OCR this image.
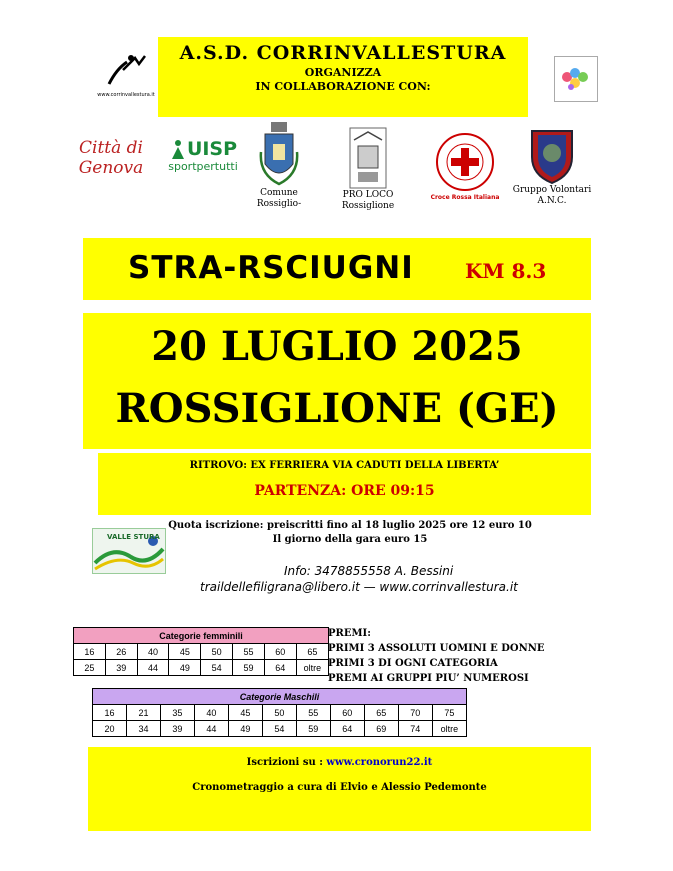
A.S.D. CORRINVALLESTURA
ORGANIZZA
IN COLLABORAZIONE CON:
www.corrinvallestura.it
Città di Genova
UISP
sportpertutti
Comune Rossiglio-
PRO LOCO Rossiglione
Croce Rossa Italiana
Gruppo Volontari A.N.C.
STRA-RSCIUGNI	KM 8.3
20 LUGLIO 2025
ROSSIGLIONE (GE)
RITROVO: EX FERRIERA VIA CADUTI DELLA LIBERTA’
PARTENZA: ORE 09:15
VALLE STURA
Quota iscrizione: preiscritti fino al 18 luglio 2025 ore 12 euro 10
Il giorno della gara euro 15
Info: 3478855558 A. Bessini
traildellefiligrana@libero.it — www.corrinvallestura.it
Categorie femminili							
16	26	40	45	50	55	60	65
25	39	44	49	54	59	64	oltre
PREMI:
PRIMI 3 ASSOLUTI UOMINI E DONNE
PRIMI 3 DI OGNI CATEGORIA
PREMI AI GRUPPI PIU’ NUMEROSI
Categorie Maschili										
16	21	35	40	45	50	55	60	65	70	75
20	34	39	44	49	54	59	64	69	74	oltre
Iscrizioni su : www.cronorun22.it
Cronometraggio a cura di Elvio e Alessio Pedemonte
